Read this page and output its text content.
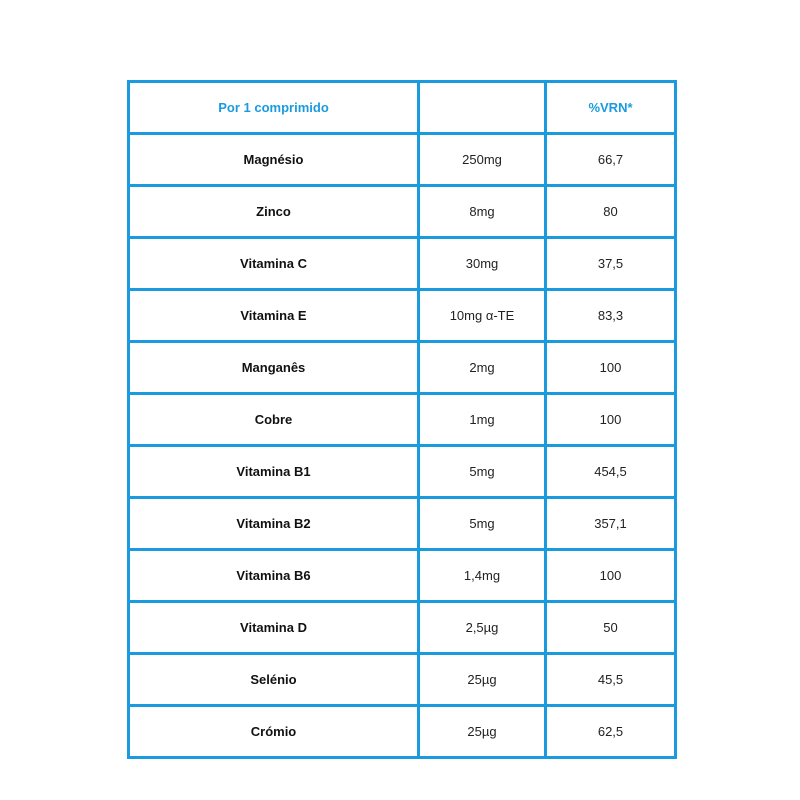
Por 1 comprimido		%VRN*
Magnésio	250mg	66,7
Zinco	8mg	80
Vitamina C	30mg	37,5
Vitamina E	10mg α-TE	83,3
Manganês	2mg	100
Cobre	1mg	100
Vitamina B1	5mg	454,5
Vitamina B2	5mg	357,1
Vitamina B6	1,4mg	100
Vitamina D	2,5µg	50
Selénio	25µg	45,5
Crómio	25µg	62,5
